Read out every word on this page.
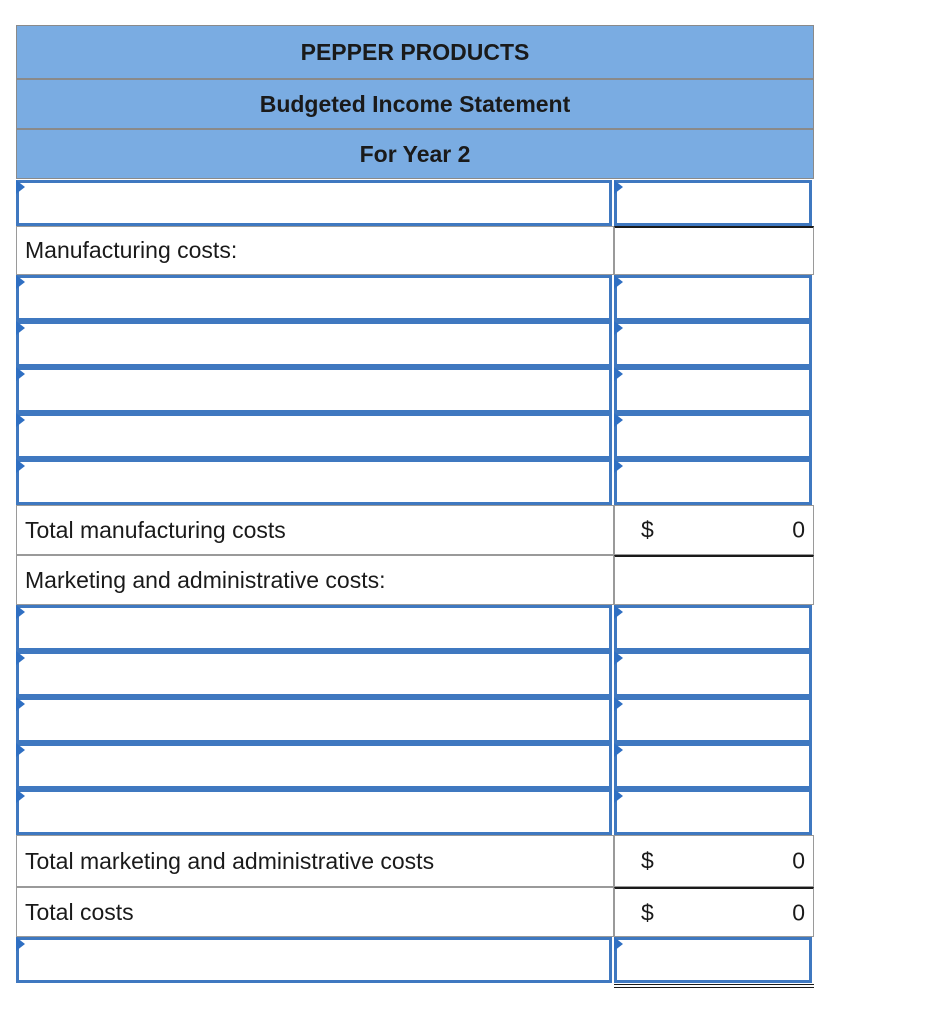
PEPPER PRODUCTS
Budgeted Income Statement
For Year 2
Manufacturing costs:
Total manufacturing costs	$	0
Marketing and administrative costs:
Total marketing and administrative costs	$	0
Total costs	$	0
